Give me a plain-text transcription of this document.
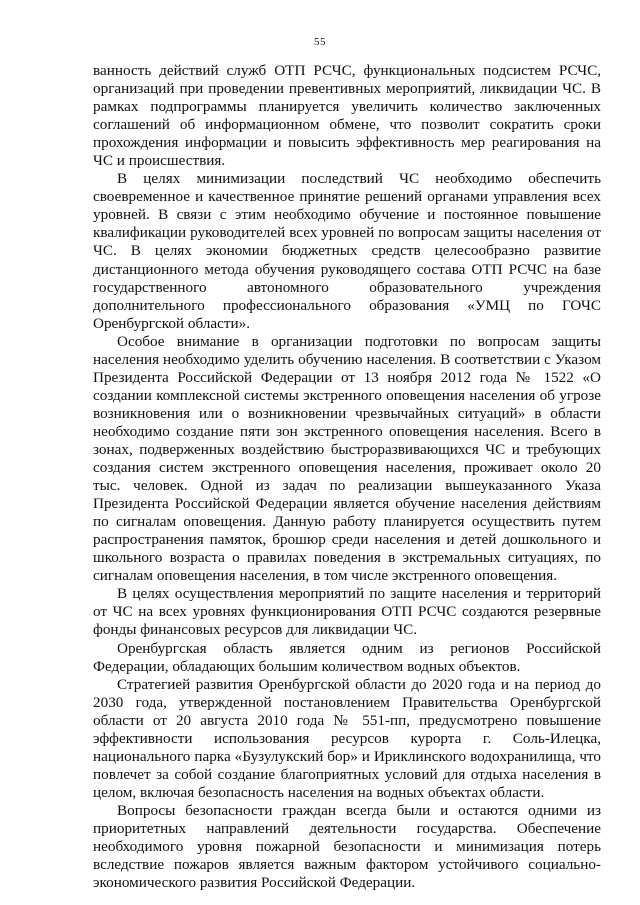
55

ванность действий служб ОТП РСЧС, функциональных подсистем РСЧС, организаций при проведении превентивных мероприятий, ликвидации ЧС. В рамках подпрограммы планируется увеличить количество заключенных соглашений об информационном обмене, что позволит сократить сроки прохождения информации и повысить эффективность мер реагирования на ЧС и происшествия.

В целях минимизации последствий ЧС необходимо обеспечить своевременное и качественное принятие решений органами управления всех уровней. В связи с этим необходимо обучение и постоянное повышение квалификации руководителей всех уровней по вопросам защиты населения от ЧС. В целях экономии бюджетных средств целесообразно развитие дистанционного метода обучения руководящего состава ОТП РСЧС на базе государственного автономного образовательного учреждения дополнительного профессионального образования «УМЦ по ГОЧС Оренбургской области».

Особое внимание в организации подготовки по вопросам защиты населения необходимо уделить обучению населения. В соответствии с Указом Президента Российской Федерации от 13 ноября 2012 года № 1522 «О создании комплексной системы экстренного оповещения населения об угрозе возникновения или о возникновении чрезвычайных ситуаций» в области необходимо создание пяти зон экстренного оповещения населения. Всего в зонах, подверженных воздействию быстроразвивающихся ЧС и требующих создания систем экстренного оповещения населения, проживает около 20 тыс. человек. Одной из задач по реализации вышеуказанного Указа Президента Российской Федерации является обучение населения действиям по сигналам оповещения. Данную работу планируется осуществить путем распространения памяток, брошюр среди населения и детей дошкольного и школьного возраста о правилах поведения в экстремальных ситуациях, по сигналам оповещения населения, в том числе экстренного оповещения.

В целях осуществления мероприятий по защите населения и территорий от ЧС на всех уровнях функционирования ОТП РСЧС создаются резервные фонды финансовых ресурсов для ликвидации ЧС.

Оренбургская область является одним из регионов Российской Федерации, обладающих большим количеством водных объектов.

Стратегией развития Оренбургской области до 2020 года и на период до 2030 года, утвержденной постановлением Правительства Оренбургской области от 20 августа 2010 года № 551-пп, предусмотрено повышение эффективности использования ресурсов курорта г. Соль-Илецка, национального парка «Бузулукский бор» и Ириклинского водохранилища, что повлечет за собой создание благоприятных условий для отдыха населения в целом, включая безопасность населения на водных объектах области.

Вопросы безопасности граждан всегда были и остаются одними из приоритетных направлений деятельности государства. Обеспечение необходимого уровня пожарной безопасности и минимизация потерь вследствие пожаров является важным фактором устойчивого социально-экономического развития Российской Федерации.
